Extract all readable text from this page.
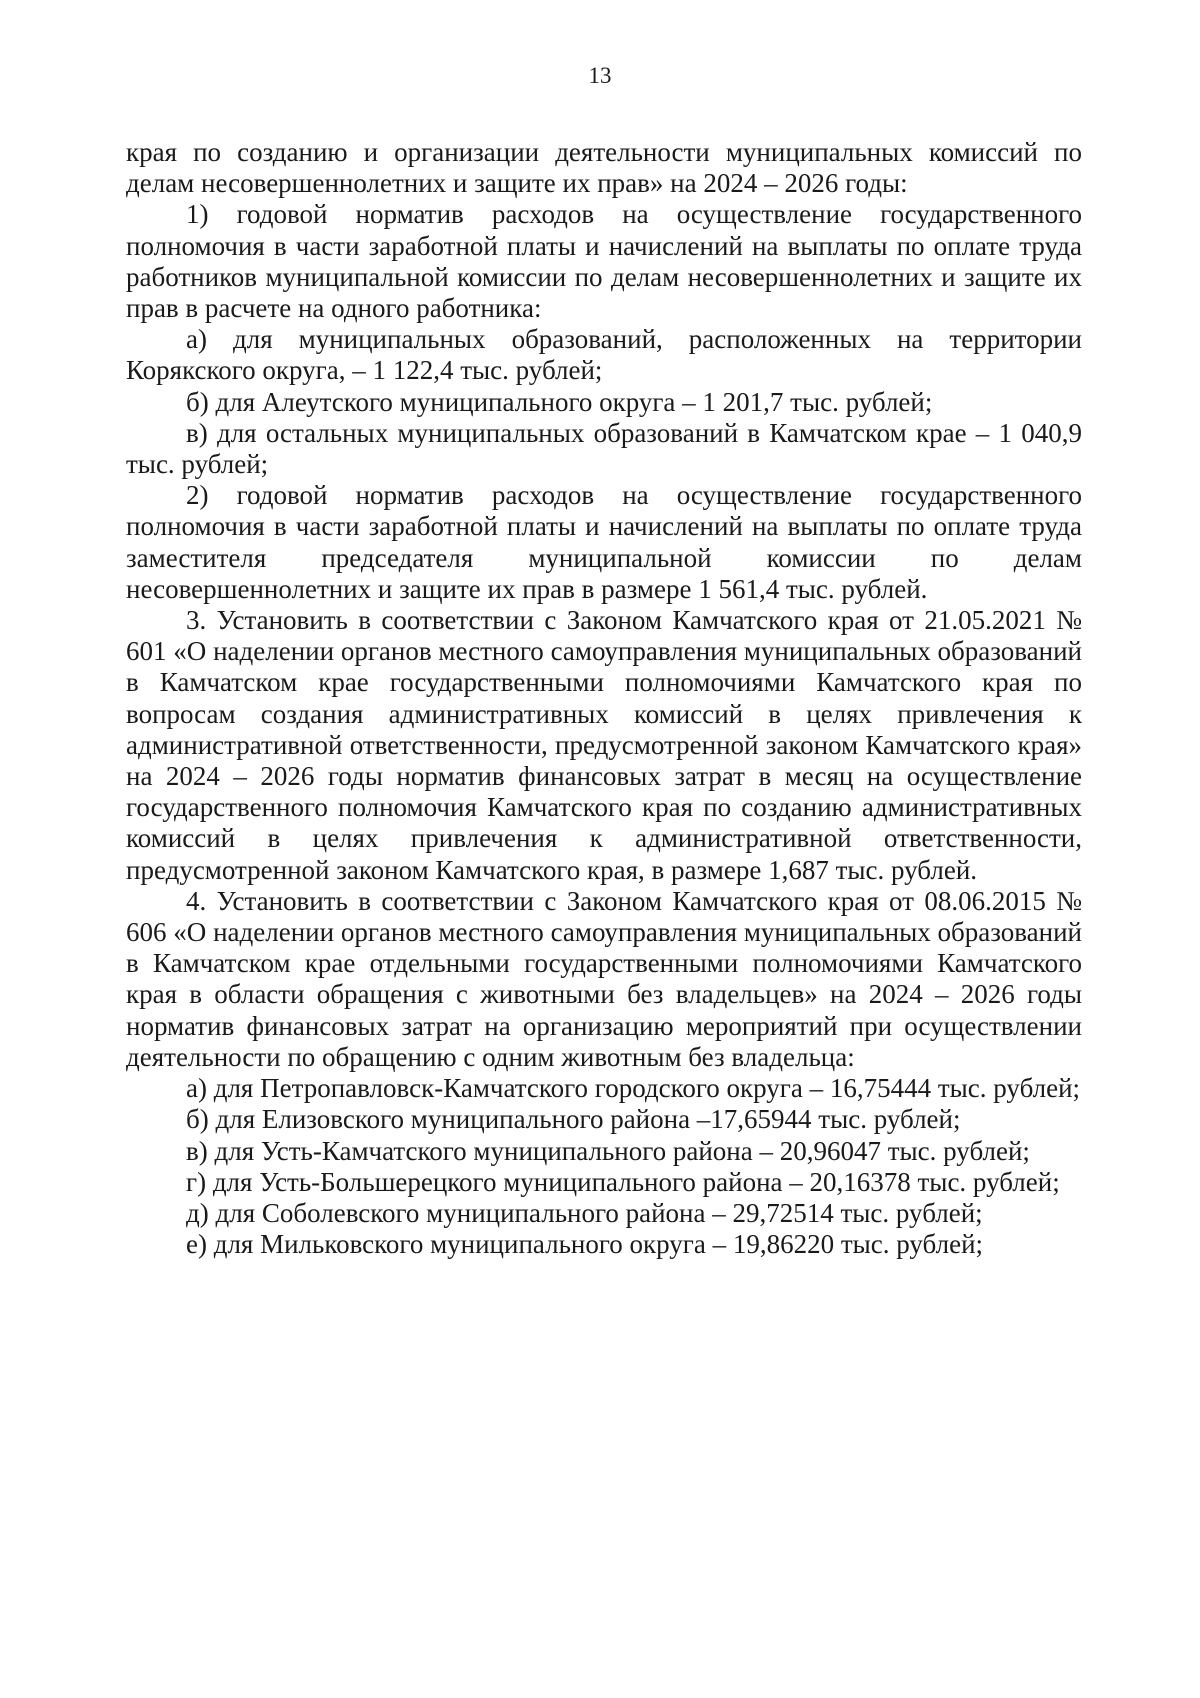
13

края по созданию и организации деятельности муниципальных комиссий по делам несовершеннолетних и защите их прав» на 2024 – 2026 годы:

1) годовой норматив расходов на осуществление государственного полномочия в части заработной платы и начислений на выплаты по оплате труда работников муниципальной комиссии по делам несовершеннолетних и защите их прав в расчете на одного работника:

а) для муниципальных образований, расположенных на территории Корякского округа, – 1 122,4 тыс. рублей;

б) для Алеутского муниципального округа – 1 201,7 тыс. рублей;

в) для остальных муниципальных образований в Камчатском крае – 1 040,9 тыс. рублей;

2) годовой норматив расходов на осуществление государственного полномочия в части заработной платы и начислений на выплаты по оплате труда заместителя председателя муниципальной комиссии по делам несовершеннолетних и защите их прав в размере 1 561,4 тыс. рублей.

3. Установить в соответствии с Законом Камчатского края от 21.05.2021 № 601 «О наделении органов местного самоуправления муниципальных образований в Камчатском крае государственными полномочиями Камчатского края по вопросам создания административных комиссий в целях привлечения к административной ответственности, предусмотренной законом Камчатского края» на 2024 – 2026 годы норматив финансовых затрат в месяц на осуществление государственного полномочия Камчатского края по созданию административных комиссий в целях привлечения к административной ответственности, предусмотренной законом Камчатского края, в размере 1,687 тыс. рублей.

4. Установить в соответствии с Законом Камчатского края от 08.06.2015 № 606 «О наделении органов местного самоуправления муниципальных образований в Камчатском крае отдельными государственными полномочиями Камчатского края в области обращения с животными без владельцев» на 2024 – 2026 годы норматив финансовых затрат на организацию мероприятий при осуществлении деятельности по обращению с одним животным без владельца:

а) для Петропавловск-Камчатского городского округа – 16,75444 тыс. рублей;

б) для Елизовского муниципального района –17,65944 тыс. рублей;

в) для Усть-Камчатского муниципального района – 20,96047 тыс. рублей;

г) для Усть-Большерецкого муниципального района – 20,16378 тыс. рублей;

д) для Соболевского муниципального района – 29,72514 тыс. рублей;

е) для Мильковского муниципального округа – 19,86220 тыс. рублей;
